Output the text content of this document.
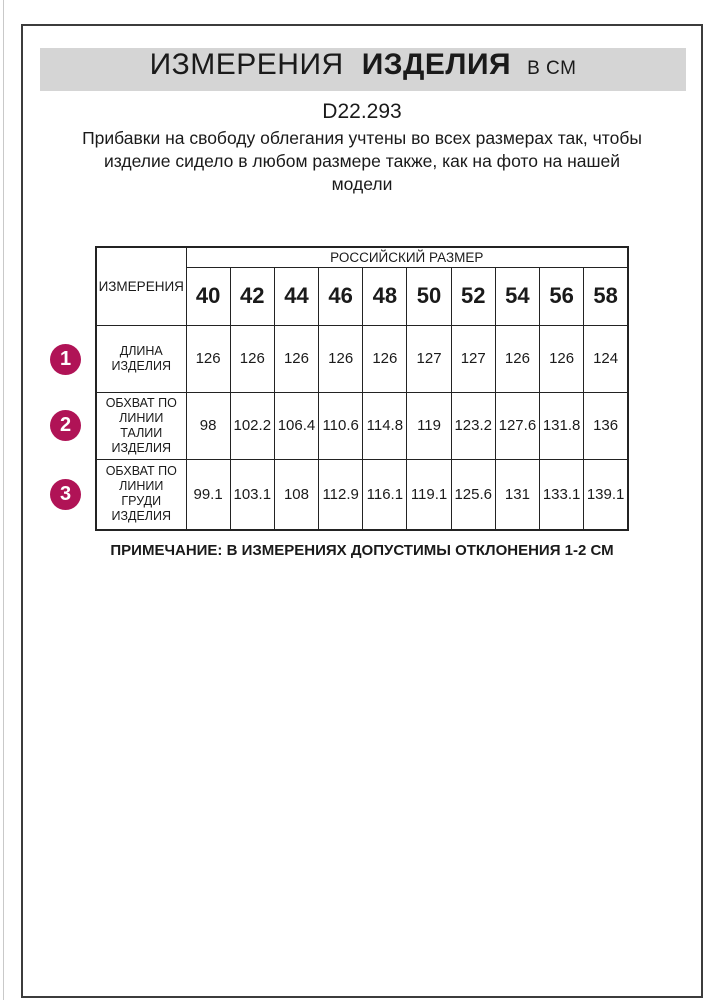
ИЗМЕРЕНИЯ ИЗДЕЛИЯ В СМ
D22.293
Прибавки на свободу облегания учтены во всех размерах так, чтобы
изделие сидело в любом размере также, как на фото на нашей
модели
ИЗМЕРЕНИЯ	РОССИЙСКИЙ РАЗМЕР									
	40	42	44	46	48	50	52	54	56	58

ДЛИНА
ИЗДЕЛИЯ	126	126	126	126	126	127	127	126	126	124

ОБХВАТ ПО
ЛИНИИ
ТАЛИИ
ИЗДЕЛИЯ	98	102.2	106.4	110.6	114.8	119	123.2	127.6	131.8	136

ОБХВАТ ПО
ЛИНИИ
ГРУДИ
ИЗДЕЛИЯ	99.1	103.1	108	112.9	116.1	119.1	125.6	131	133.1	139.1
1
2
3
ПРИМЕЧАНИЕ: В ИЗМЕРЕНИЯХ ДОПУСТИМЫ ОТКЛОНЕНИЯ 1-2 СМ
